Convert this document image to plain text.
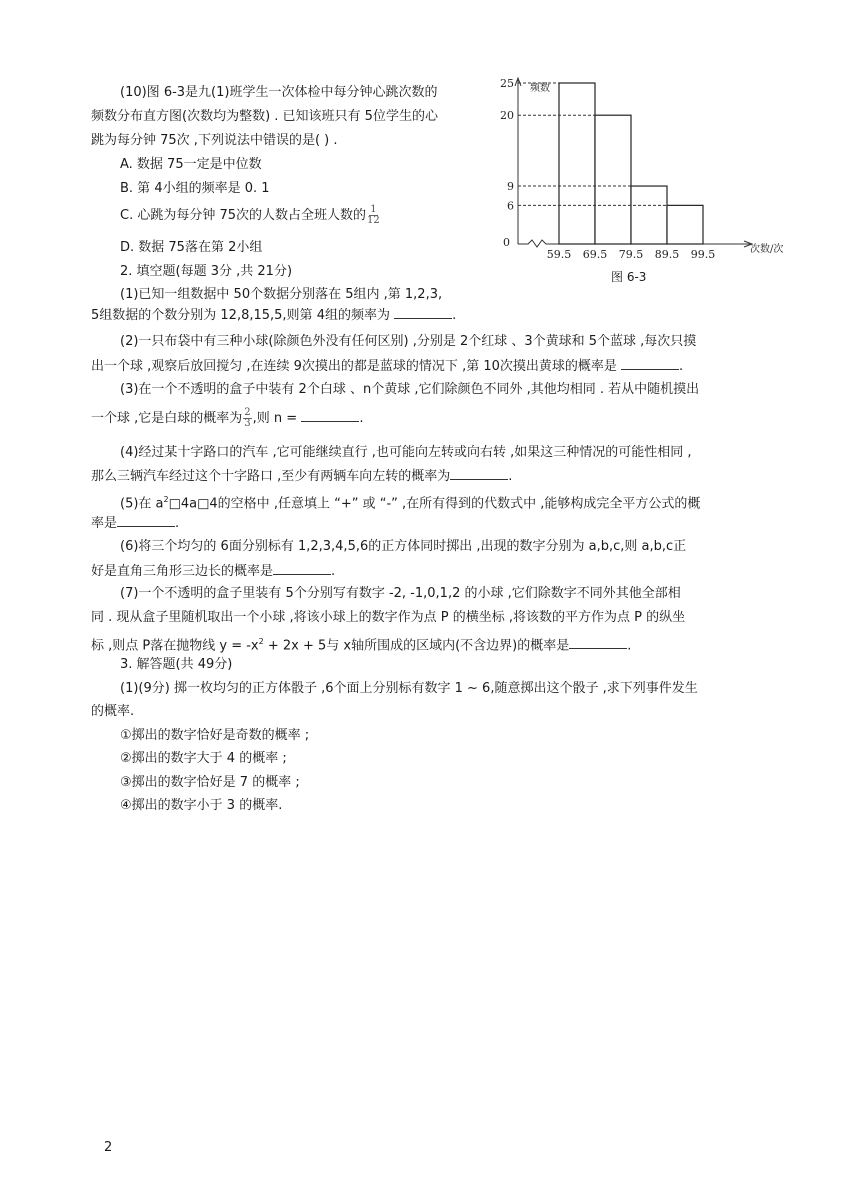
(10)图 6-3是九(1)班学生一次体检中每分钟心跳次数的
频数分布直方图(次数均为整数) . 已知该班只有 5位学生的心
跳为每分钟 75次 ,下列说法中错误的是( ) .
A. 数据 75一定是中位数
B. 第 4小组的频率是 0. 1
C. 心跳为每分钟 75次的人数占全班人数的 $\frac{1}{12}$
D. 数据 75落在第 2小组
频数
次数/次
0
25
20
9
6
59.5 69.5 79.5 89.5 99.5
图 6-3
2. 填空题(每题 3分 ,共 21分)
(1)已知一组数据中 50个数据分别落在 5组内 ,第 1,2,3,
5组数据的个数分别为 12,8,15,5,则第 4组的频率为	.
(2)一只布袋中有三种小球(除颜色外没有任何区别) ,分别是 2个红球 、3个黄球和 5个蓝球 ,每次只摸
出一个球 ,观察后放回搅匀 ,在连续 9次摸出的都是蓝球的情况下 ,第 10次摸出黄球的概率是	.
(3)在一个不透明的盒子中装有 2个白球 、n个黄球 ,它们除颜色不同外 ,其他均相同 . 若从中随机摸出
一个球 ,它是白球的概率为 $\frac{2}{3}$ ,则 n =	.
(4)经过某十字路口的汽车 ,它可能继续直行 ,也可能向左转或向右转 ,如果这三种情况的可能性相同 ,
那么三辆汽车经过这个十字路口 ,至少有两辆车向左转的概率为	.
(5)在 $a^2□4a□4$的空格中 ,任意填上 “+” 或 “-” ,在所有得到的代数式中 ,能够构成完全平方公式的概
率是	.
(6)将三个均匀的 6面分别标有 1,2,3,4,5,6的正方体同时掷出 ,出现的数字分别为 a,b,c,则 a,b,c正
好是直角三角形三边长的概率是	.
(7)一个不透明的盒子里装有 5个分别写有数字 -2, -1,0,1,2 的小球 ,它们除数字不同外其他全部相
同 . 现从盒子里随机取出一个小球 ,将该小球上的数字作为点 P 的横坐标 ,将该数的平方作为点 P 的纵坐
标 ,则点 P落在抛物线 $y = -x^2 + 2x + 5$与 x轴所围成的区域内(不含边界)的概率是	.
3. 解答题(共 49分)
(1)(9分) 掷一枚均匀的正方体骰子 ,6个面上分别标有数字 1 ~ 6,随意掷出这个骰子 ,求下列事件发生
的概率.
①掷出的数字恰好是奇数的概率 ;
②掷出的数字大于 4 的概率 ;
③掷出的数字恰好是 7 的概率 ;
④掷出的数字小于 3 的概率.
2
